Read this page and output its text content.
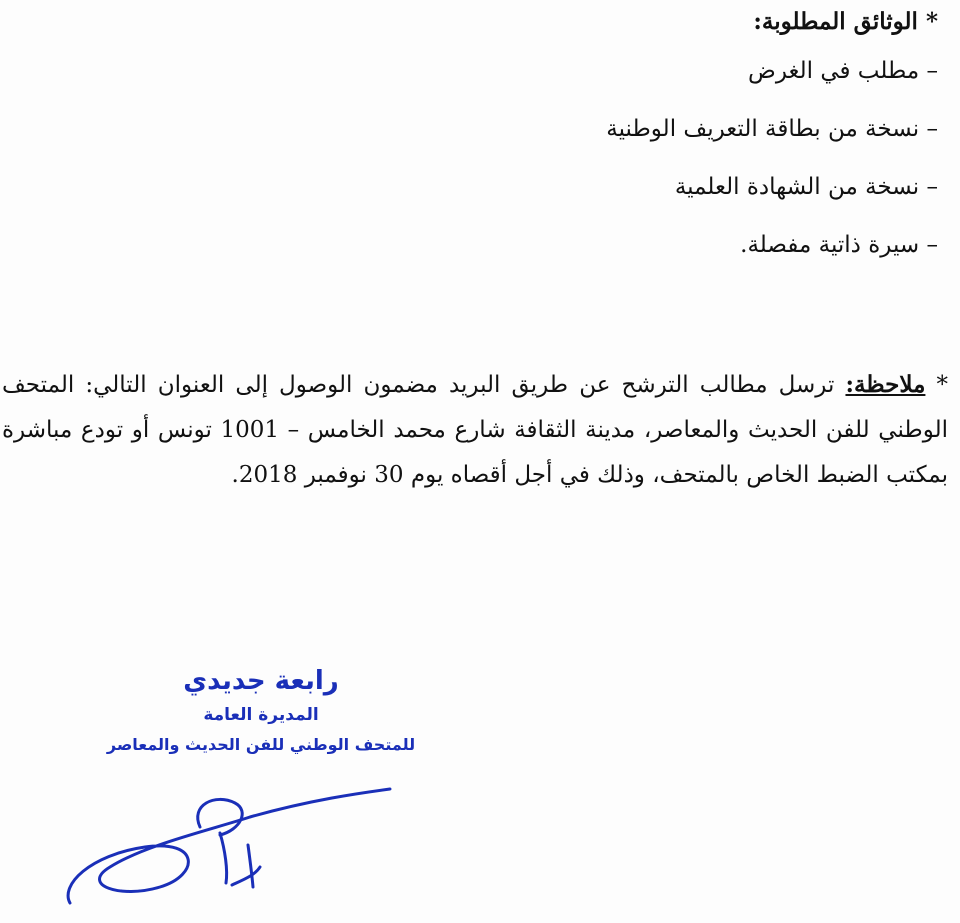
* الوثائق المطلوبة:
– مطلب في الغرض
– نسخة من بطاقة التعريف الوطنية
– نسخة من الشهادة العلمية
– سيرة ذاتية مفصلة.
* ملاحظة: ترسل مطالب الترشح عن طريق البريد مضمون الوصول إلى العنوان التالي: المتحف الوطني للفن الحديث والمعاصر، مدينة الثقافة شارع محمد الخامس – 1001 تونس أو تودع مباشرة بمكتب الضبط الخاص بالمتحف، وذلك في أجل أقصاه يوم 30 نوفمبر 2018.
رابعة جديدي
المديرة العامة
للمتحف الوطني للفن الحديث والمعاصر
